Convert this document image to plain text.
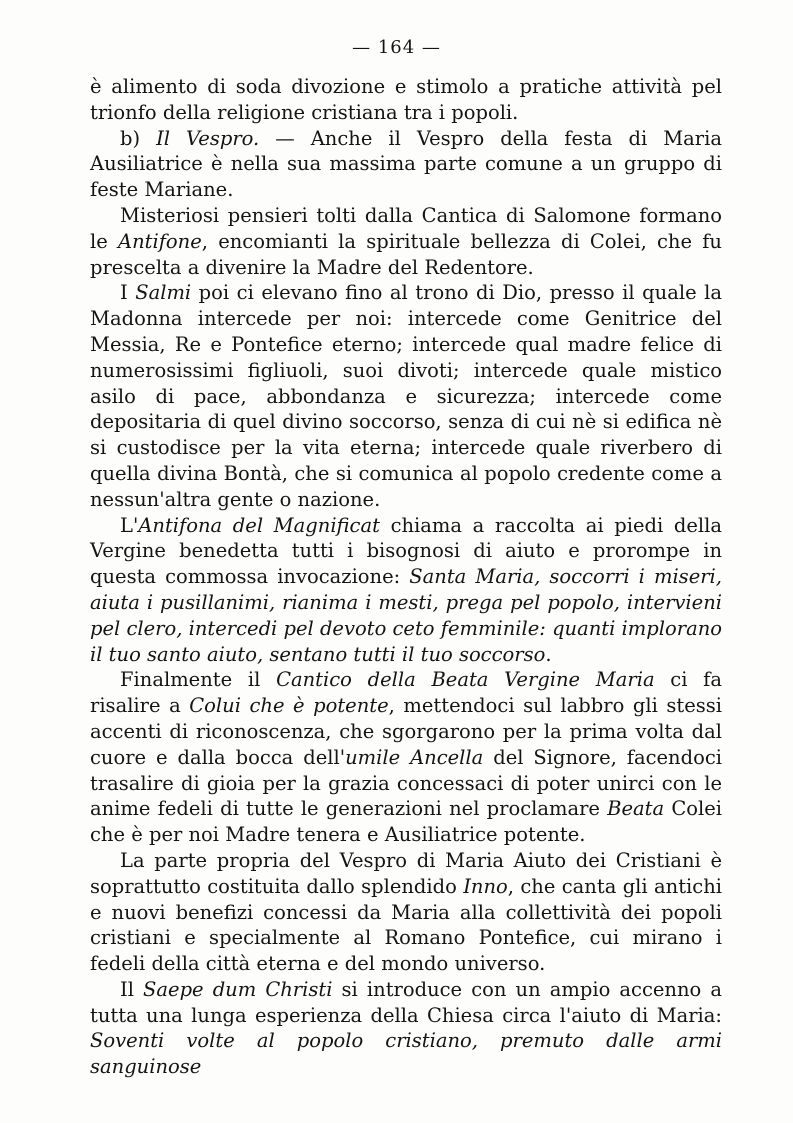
— 164 —

è alimento di soda divozione e stimolo a pratiche attività pel trionfo della religione cristiana tra i popoli.

b) Il Vespro. — Anche il Vespro della festa di Maria Ausiliatrice è nella sua massima parte comune a un gruppo di feste Mariane.

Misteriosi pensieri tolti dalla Cantica di Salomone formano le Antifone, encomianti la spirituale bellezza di Colei, che fu prescelta a divenire la Madre del Redentore.

I Salmi poi ci elevano fino al trono di Dio, presso il quale la Madonna intercede per noi: intercede come Genitrice del Messia, Re e Pontefice eterno; intercede qual madre felice di numerosissimi figliuoli, suoi divoti; intercede quale mistico asilo di pace, abbondanza e sicurezza; intercede come depositaria di quel divino soccorso, senza di cui nè si edifica nè si custodisce per la vita eterna; intercede quale riverbero di quella divina Bontà, che si comunica al popolo credente come a nessun'altra gente o nazione.

L'Antifona del Magnificat chiama a raccolta ai piedi della Vergine benedetta tutti i bisognosi di aiuto e prorompe in questa commossa invocazione: Santa Maria, soccorri i miseri, aiuta i pusillanimi, rianima i mesti, prega pel popolo, intervieni pel clero, intercedi pel devoto ceto femminile: quanti implorano il tuo santo aiuto, sentano tutti il tuo soccorso.

Finalmente il Cantico della Beata Vergine Maria ci fa risalire a Colui che è potente, mettendoci sul labbro gli stessi accenti di riconoscenza, che sgorgarono per la prima volta dal cuore e dalla bocca dell'umile Ancella del Signore, facendoci trasalire di gioia per la grazia concessaci di poter unirci con le anime fedeli di tutte le generazioni nel proclamare Beata Colei che è per noi Madre tenera e Ausiliatrice potente.

La parte propria del Vespro di Maria Aiuto dei Cristiani è soprattutto costituita dallo splendido Inno, che canta gli antichi e nuovi benefizi concessi da Maria alla collettività dei popoli cristiani e specialmente al Romano Pontefice, cui mirano i fedeli della città eterna e del mondo universo.

Il Saepe dum Christi si introduce con un ampio accenno a tutta una lunga esperienza della Chiesa circa l'aiuto di Maria: Soventi volte al popolo cristiano, premuto dalle armi sanguinose
